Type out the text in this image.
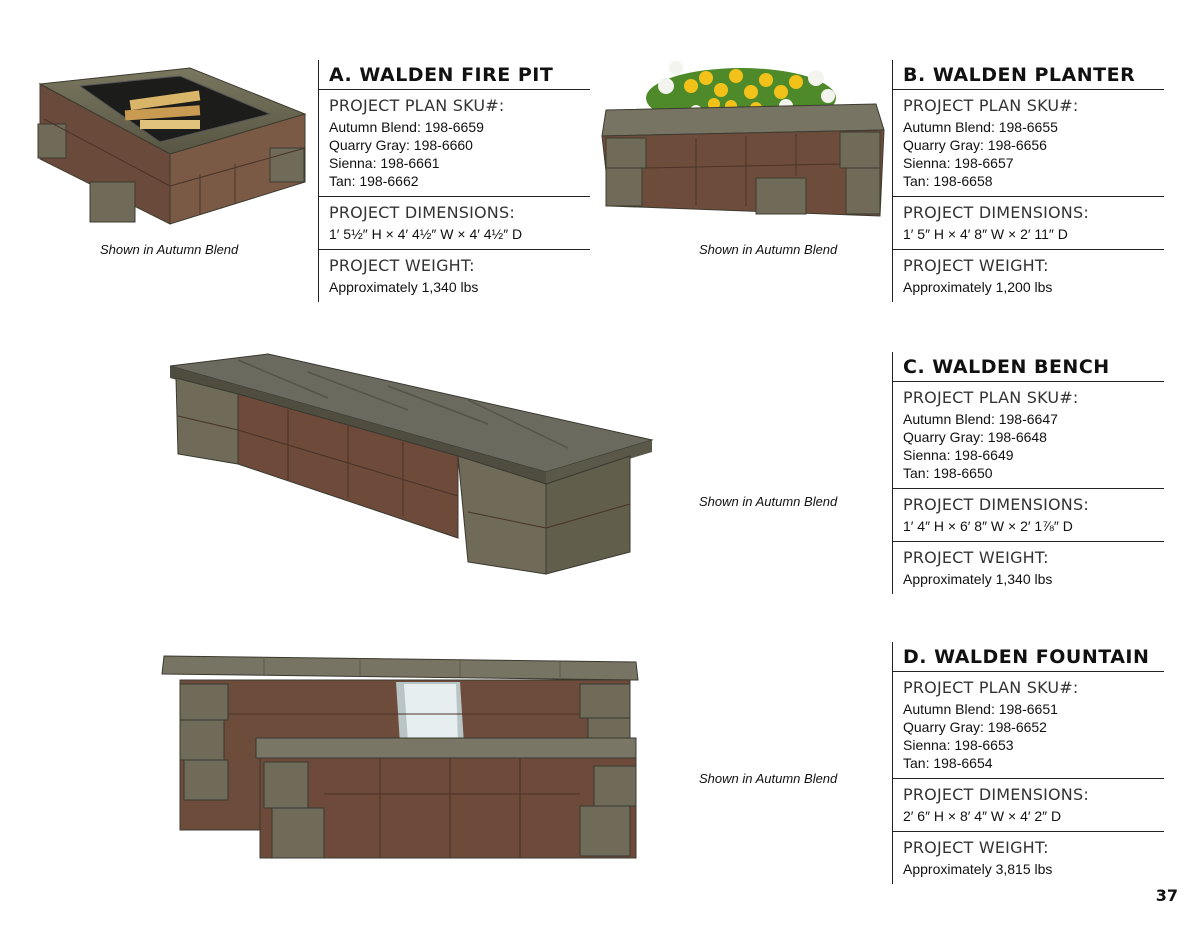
Shown in Autumn Blend
A. WALDEN FIRE PIT
PROJECT PLAN SKU#:
Autumn Blend: 198-6659
Quarry Gray: 198-6660
Sienna: 198-6661
Tan: 198-6662
PROJECT DIMENSIONS:
1′ 5½″ H × 4′ 4½″ W × 4′ 4½″ D
PROJECT WEIGHT:
Approximately 1,340 lbs
Shown in Autumn Blend
B. WALDEN PLANTER
PROJECT PLAN SKU#:
Autumn Blend: 198-6655
Quarry Gray: 198-6656
Sienna: 198-6657
Tan: 198-6658
PROJECT DIMENSIONS:
1′ 5″ H × 4′ 8″ W × 2′ 11″ D
PROJECT WEIGHT:
Approximately 1,200 lbs
Shown in Autumn Blend
C. WALDEN BENCH
PROJECT PLAN SKU#:
Autumn Blend: 198-6647
Quarry Gray: 198-6648
Sienna: 198-6649
Tan: 198-6650
PROJECT DIMENSIONS:
1′ 4″ H × 6′ 8″ W × 2′ 1⅞″ D
PROJECT WEIGHT:
Approximately 1,340 lbs
Shown in Autumn Blend
D. WALDEN FOUNTAIN
PROJECT PLAN SKU#:
Autumn Blend: 198-6651
Quarry Gray: 198-6652
Sienna: 198-6653
Tan: 198-6654
PROJECT DIMENSIONS:
2′ 6″ H × 8′ 4″ W × 4′ 2″ D
PROJECT WEIGHT:
Approximately 3,815 lbs
37
